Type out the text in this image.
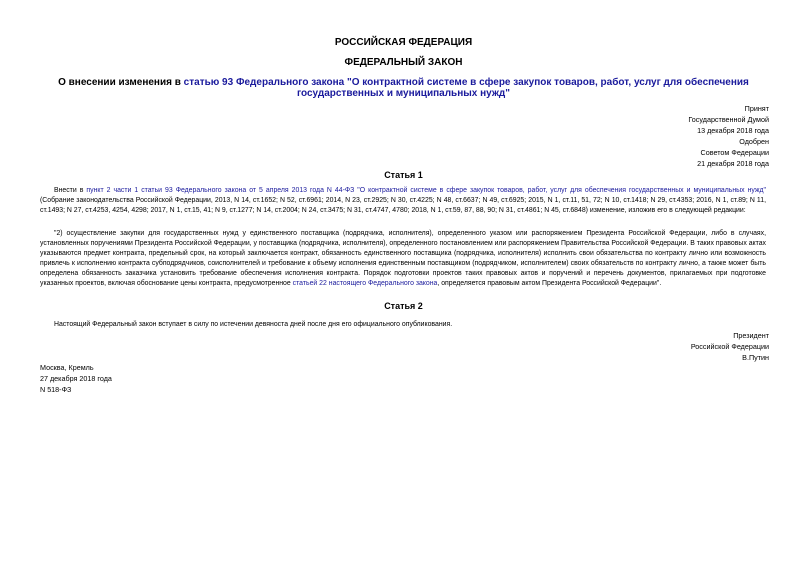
РОССИЙСКАЯ ФЕДЕРАЦИЯ
ФЕДЕРАЛЬНЫЙ ЗАКОН
О внесении изменения в статью 93 Федерального закона "О контрактной системе в сфере закупок товаров, работ, услуг для обеспечения государственных и муниципальных нужд"
Принят
Государственной Думой
13 декабря 2018 года
Одобрен
Советом Федерации
21 декабря 2018 года
Статья 1
Внести в пункт 2 части 1 статьи 93 Федерального закона от 5 апреля 2013 года N 44-ФЗ "О контрактной системе в сфере закупок товаров, работ, услуг для обеспечения государственных и муниципальных нужд" (Собрание законодательства Российской Федерации, 2013, N 14, ст.1652; N 52, ст.6961; 2014, N 23, ст.2925; N 30, ст.4225; N 48, ст.6637; N 49, ст.6925; 2015, N 1, ст.11, 51, 72; N 10, ст.1418; N 29, ст.4353; 2016, N 1, ст.89; N 11, ст.1493; N 27, ст.4253, 4254, 4298; 2017, N 1, ст.15, 41; N 9, ст.1277; N 14, ст.2004; N 24, ст.3475; N 31, ст.4747, 4780; 2018, N 1, ст.59, 87, 88, 90; N 31, ст.4861; N 45, ст.6848) изменение, изложив его в следующей редакции:
"2) осуществление закупки для государственных нужд у единственного поставщика (подрядчика, исполнителя), определенного указом или распоряжением Президента Российской Федерации, либо в случаях, установленных поручениями Президента Российской Федерации, у поставщика (подрядчика, исполнителя), определенного постановлением или распоряжением Правительства Российской Федерации. В таких правовых актах указываются предмет контракта, предельный срок, на который заключается контракт, обязанность единственного поставщика (подрядчика, исполнителя) исполнить свои обязательства по контракту лично или возможность привлечь к исполнению контракта субподрядчиков, соисполнителей и требование к объему исполнения единственным поставщиком (подрядчиком, исполнителем) своих обязательств по контракту лично, а также может быть определена обязанность заказчика установить требование обеспечения исполнения контракта. Порядок подготовки проектов таких правовых актов и поручений и перечень документов, прилагаемых при подготовке указанных проектов, включая обоснование цены контракта, предусмотренное статьей 22 настоящего Федерального закона, определяется правовым актом Президента Российской Федерации".
Статья 2
Настоящий Федеральный закон вступает в силу по истечении девяноста дней после дня его официального опубликования.
Президент
Российской Федерации
В.Путин
Москва, Кремль
27 декабря 2018 года
N 518-ФЗ
